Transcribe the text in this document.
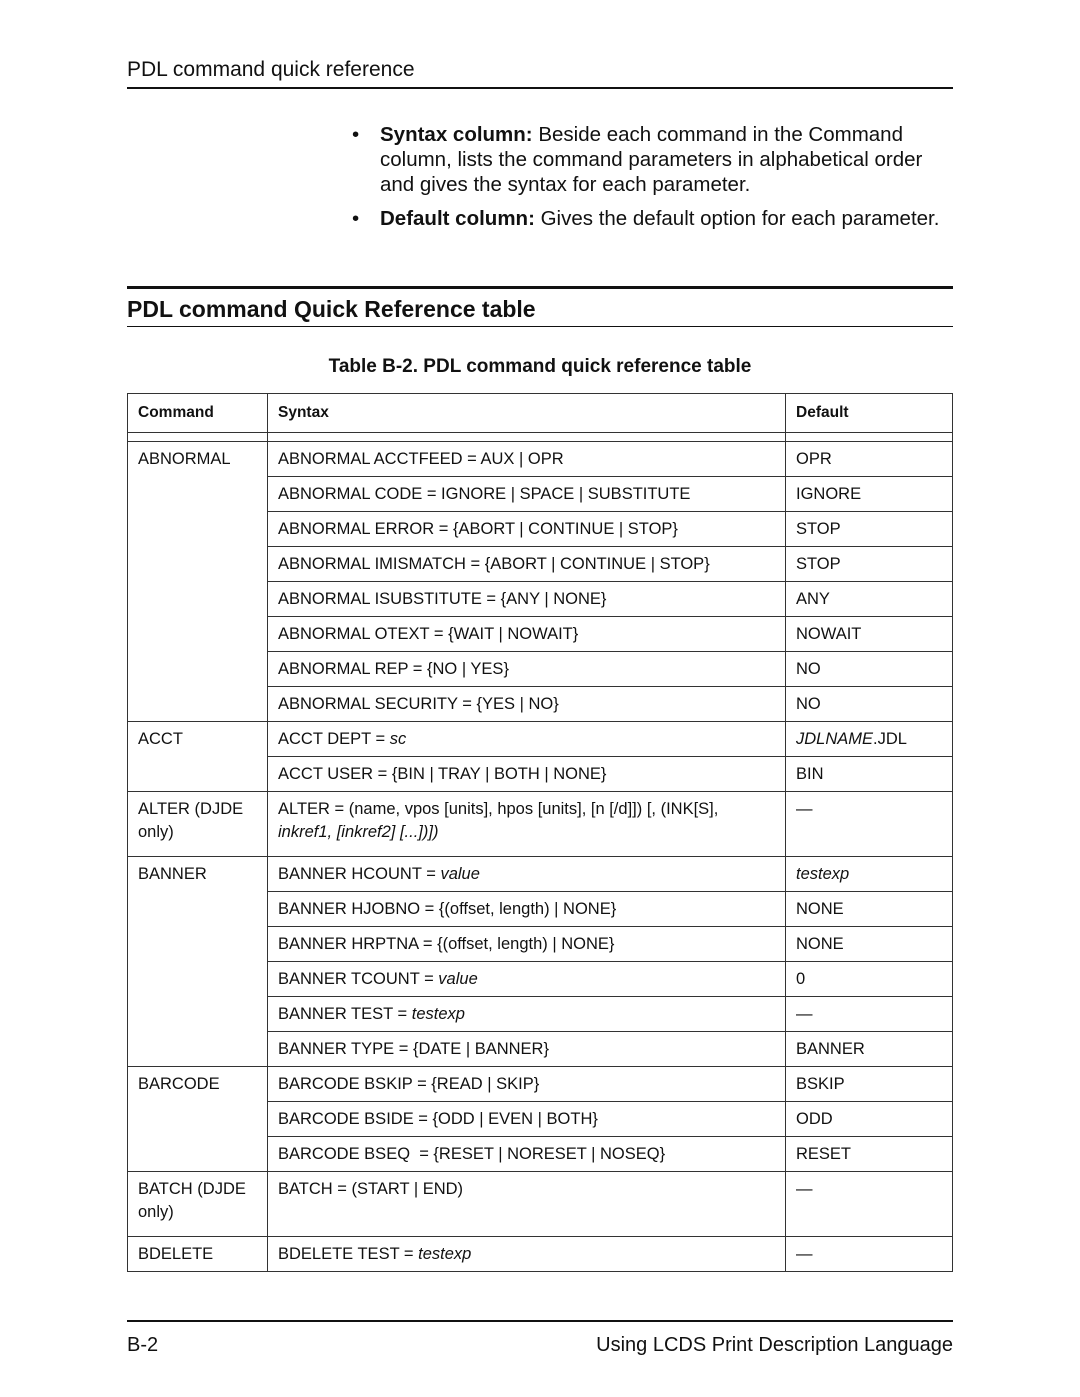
PDL command quick reference
•	Syntax column: Beside each command in the Command column, lists the command parameters in alphabetical order and gives the syntax for each parameter.
•	Default column: Gives the default option for each parameter.
PDL command Quick Reference table
Table B-2. PDL command quick reference table
Command	Syntax	Default

ABNORMAL	ABNORMAL ACCTFEED = AUX | OPR	OPR
	ABNORMAL CODE = IGNORE | SPACE | SUBSTITUTE	IGNORE
	ABNORMAL ERROR = {ABORT | CONTINUE | STOP}	STOP
	ABNORMAL IMISMATCH = {ABORT | CONTINUE | STOP}	STOP
	ABNORMAL ISUBSTITUTE = {ANY | NONE}	ANY
	ABNORMAL OTEXT = {WAIT | NOWAIT}	NOWAIT
	ABNORMAL REP = {NO | YES}	NO
	ABNORMAL SECURITY = {YES | NO}	NO
ACCT	ACCT DEPT = sc	JDLNAME.JDL
	ACCT USER = {BIN | TRAY | BOTH | NONE}	BIN
ALTER (DJDE only)	ALTER = (name, vpos [units], hpos [units], [n [/d]]) [, (INK[S],
inkref1, [inkref2] [...])])	—
BANNER	BANNER HCOUNT = value	testexp
	BANNER HJOBNO = {(offset, length) | NONE}	NONE
	BANNER HRPTNA = {(offset, length) | NONE}	NONE
	BANNER TCOUNT = value	0
	BANNER TEST = testexp	—
	BANNER TYPE = {DATE | BANNER}	BANNER
BARCODE	BARCODE BSKIP = {READ | SKIP}	BSKIP
	BARCODE BSIDE = {ODD | EVEN | BOTH}	ODD
	BARCODE BSEQ  = {RESET | NORESET | NOSEQ}	RESET
BATCH (DJDE only)	BATCH = (START | END)	—
BDELETE	BDELETE TEST = testexp	—
B-2	Using LCDS Print Description Language
